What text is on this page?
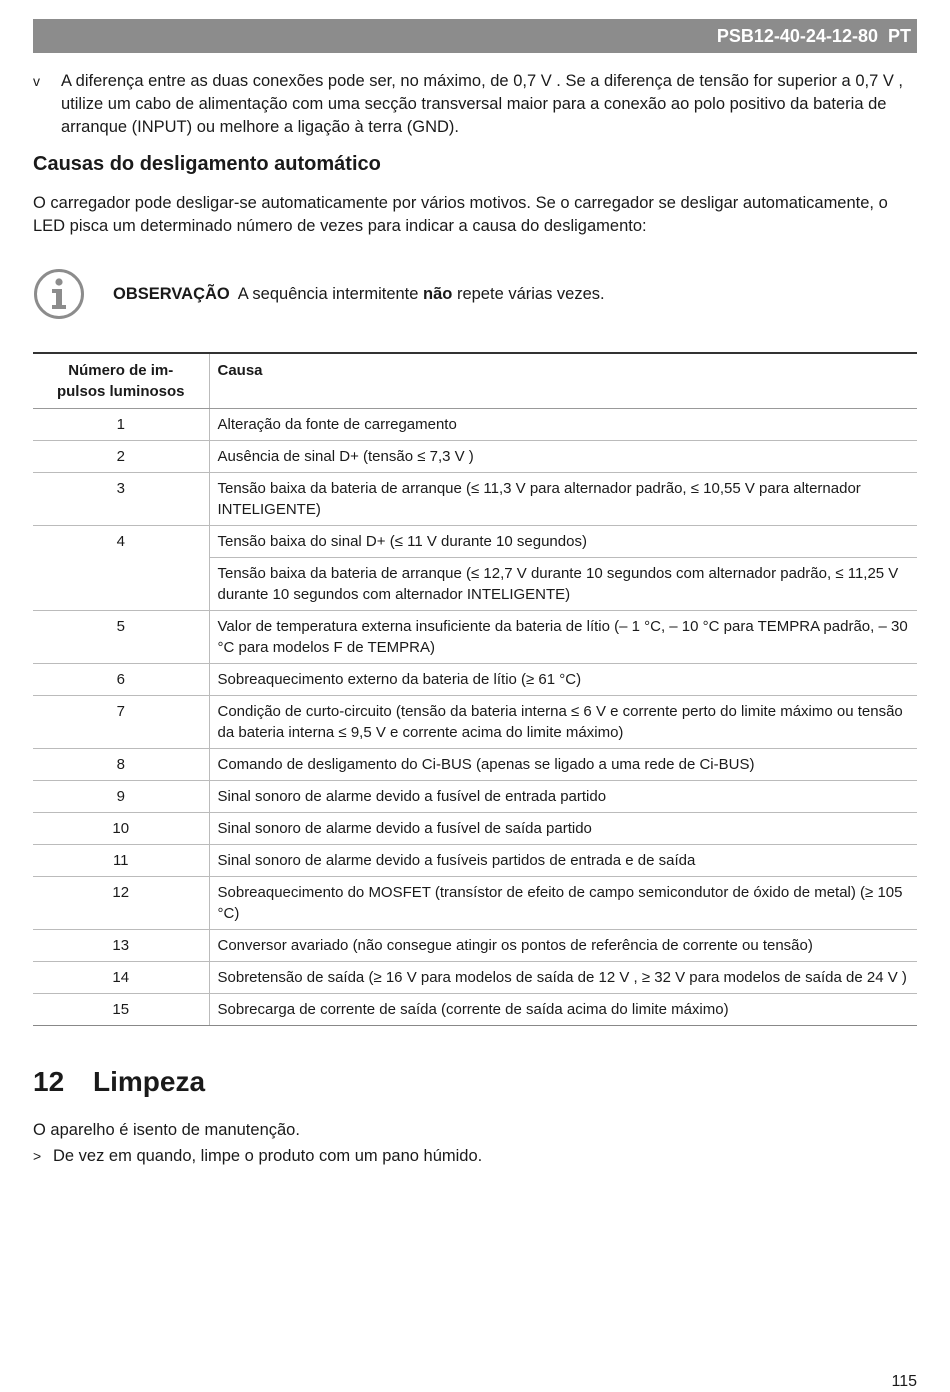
PSB12-40-24-12-80 PT
v	A diferença entre as duas conexões pode ser, no máximo, de 0,7 V . Se a diferença de tensão for superior a 0,7 V , utilize um cabo de alimentação com uma secção transversal maior para a conexão ao polo positivo da bateria de arranque (INPUT) ou melhore a ligação à terra (GND).
Causas do desligamento automático

O carregador pode desligar-se automaticamente por vários motivos. Se o carregador se desligar automaticamente, o LED pisca um determinado número de vezes para indicar a causa do desligamento:

OBSERVAÇÃO A sequência intermitente não repete várias vezes.
Número de im-pulsos luminosos	Causa
1	Alteração da fonte de carregamento
2	Ausência de sinal D+ (tensão ≤ 7,3 V )
3	Tensão baixa da bateria de arranque (≤ 11,3 V para alternador padrão, ≤ 10,55 V para alternador INTELIGENTE)
4	Tensão baixa do sinal D+ (≤ 11 V durante 10 segundos)
	Tensão baixa da bateria de arranque (≤ 12,7 V durante 10 segundos com alternador padrão, ≤ 11,25 V durante 10 segundos com alternador INTELIGENTE)
5	Valor de temperatura externa insuficiente da bateria de lítio (– 1 °C, – 10 °C para TEMPRA padrão, – 30 °C para modelos F de TEMPRA)
6	Sobreaquecimento externo da bateria de lítio (≥ 61 °C)
7	Condição de curto-circuito (tensão da bateria interna ≤ 6 V e corrente perto do limite máximo ou tensão da bateria interna ≤ 9,5 V e corrente acima do limite máximo)
8	Comando de desligamento do Ci-BUS (apenas se ligado a uma rede de Ci-BUS)
9	Sinal sonoro de alarme devido a fusível de entrada partido
10	Sinal sonoro de alarme devido a fusível de saída partido
11	Sinal sonoro de alarme devido a fusíveis partidos de entrada e de saída
12	Sobreaquecimento do MOSFET (transístor de efeito de campo semicondutor de óxido de metal) (≥ 105 °C)
13	Conversor avariado (não consegue atingir os pontos de referência de corrente ou tensão)
14	Sobretensão de saída (≥ 16 V para modelos de saída de 12 V , ≥ 32 V para modelos de saída de 24 V )
15	Sobrecarga de corrente de saída (corrente de saída acima do limite máximo)
12 Limpeza

O aparelho é isento de manutenção.

> De vez em quando, limpe o produto com um pano húmido.
115
